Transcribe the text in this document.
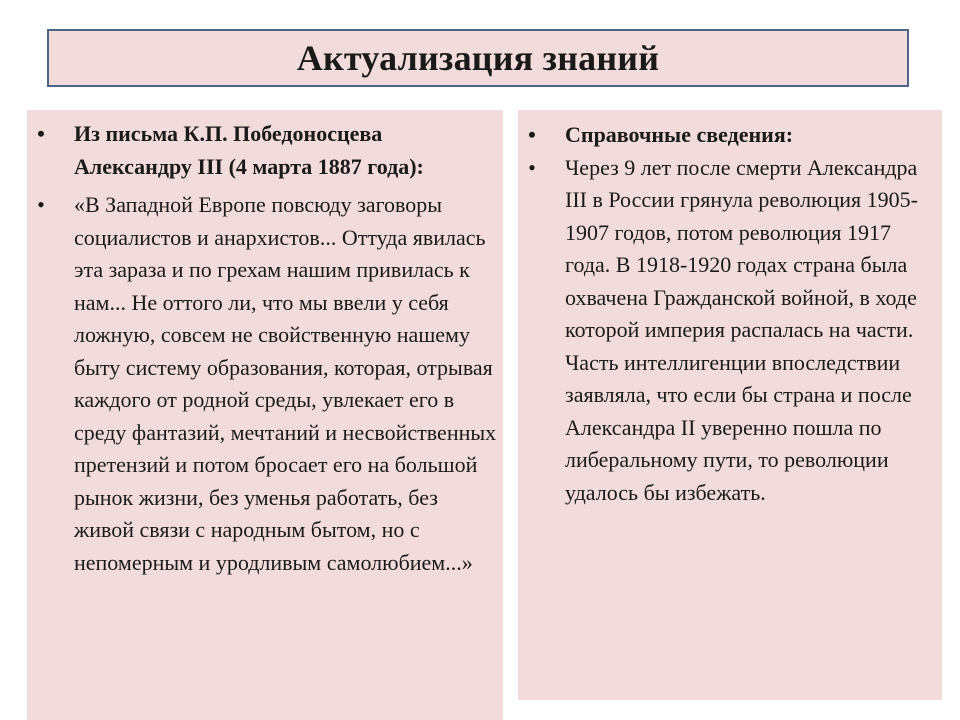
Актуализация знаний
•	Из письма К.П. Победоносцева Александру III (4 марта 1887 года):
•	«В Западной Европе повсюду заговоры социалистов и анархистов... Оттуда явилась эта зараза и по грехам нашим привилась к нам... Не оттого ли, что мы ввели у себя ложную, совсем не свойственную нашему быту систему образования, которая, отрывая каждого от родной среды, увлекает его в среду фантазий, мечтаний и несвойственных претензий и потом бросает его на большой рынок жизни, без уменья работать, без живой связи с народным бытом, но с непомерным и уродливым самолюбием...»
•	Справочные сведения:
•	Через 9 лет после смерти Александра III в России грянула революция 1905-1907 годов, потом революция 1917 года. В 1918-1920 годах страна была охвачена Гражданской войной, в ходе которой империя распалась на части. Часть интеллигенции впоследствии заявляла, что если бы страна и после Александра II уверенно пошла по либеральному пути, то революции удалось бы избежать.
